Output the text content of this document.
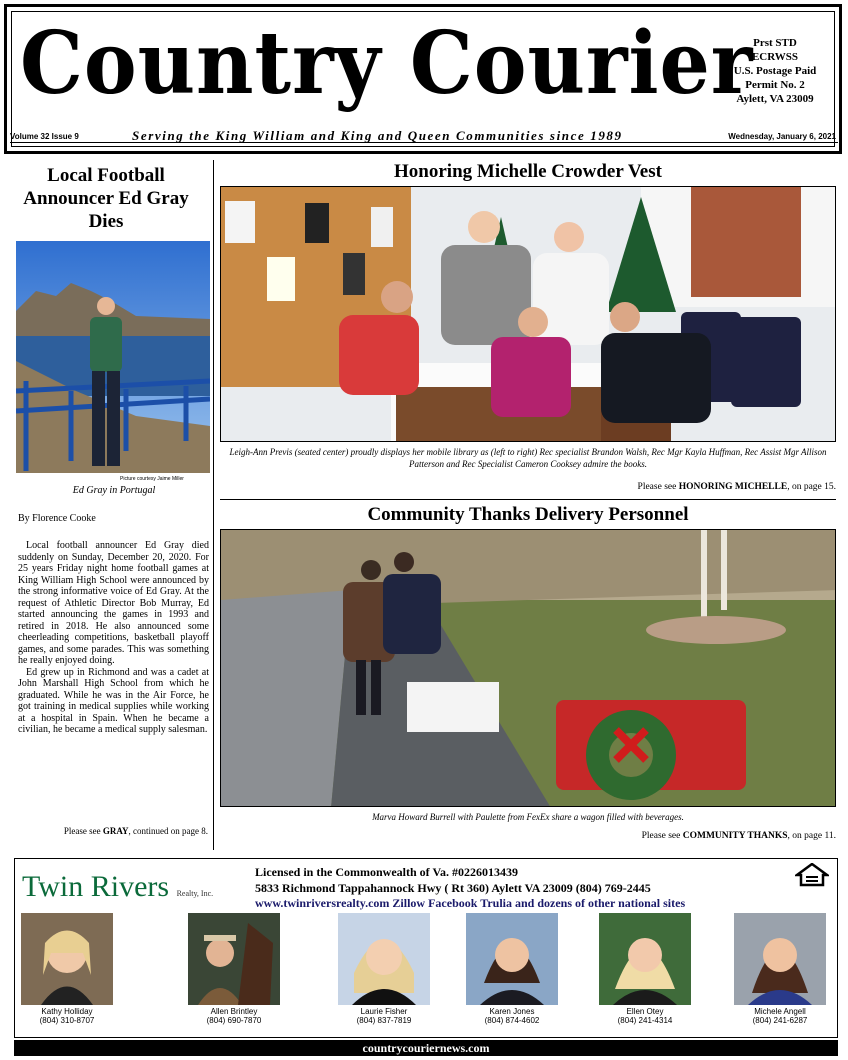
Country Courier Prst STD
ECRWSS
U.S. Postage Paid
Permit No. 2
Aylett, VA 23009
Volume 32 Issue 9	Serving the King William and King and Queen Communities since 1989	Wednesday, January 6, 2021
Local Football Announcer Ed Gray Dies
Picture courtesy Jaime Miller
Ed Gray in Portugal
By Florence Cooke

Local football announcer Ed Gray died suddenly on Sunday, December 20, 2020. For 25 years Friday night home football games at King William High School were announced by the strong informative voice of Ed Gray. At the request of Athletic Director Bob Murray, Ed started announcing the games in 1993 and retired in 2018. He also announced some cheerleading competitions, basketball playoff games, and some parades. This was something he really enjoyed doing.

Ed grew up in Richmond and was a cadet at John Marshall High School from which he graduated. While he was in the Air Force, he got training in medical supplies while working at a hospital in Spain. When he became a civilian, he became a medical supply salesman.

Please see GRAY, continued on page 8.
Honoring Michelle Crowder Vest
Leigh-Ann Previs (seated center) proudly displays her mobile library as (left to right) Rec specialist Brandon Walsh, Rec Mgr Kayla Huffman, Rec Assist Mgr Allison Patterson and Rec Specialist Cameron Cooksey admire the books.
Please see HONORING MICHELLE, on page 15.
Community Thanks Delivery Personnel
Marva Howard Burrell with Paulette from FexEx share a wagon filled with beverages.
Please see COMMUNITY THANKS, on page 11.
Twin Rivers Realty, Inc.
Licensed in the Commonwealth of Va. #0226013439
5833 Richmond Tappahannock Hwy ( Rt 360) Aylett VA 23009 (804) 769-2445
www.twinriversrealty.com Zillow Facebook Trulia and dozens of other national sites
Kathy Holliday
(804) 310-8707
Allen Brintley
(804) 690-7870
Laurie Fisher
(804) 837-7819
Karen Jones
(804) 874-4602
Ellen Otey
(804) 241-4314
Michele Angell
(804) 241-6287
countrycouriernews.com
